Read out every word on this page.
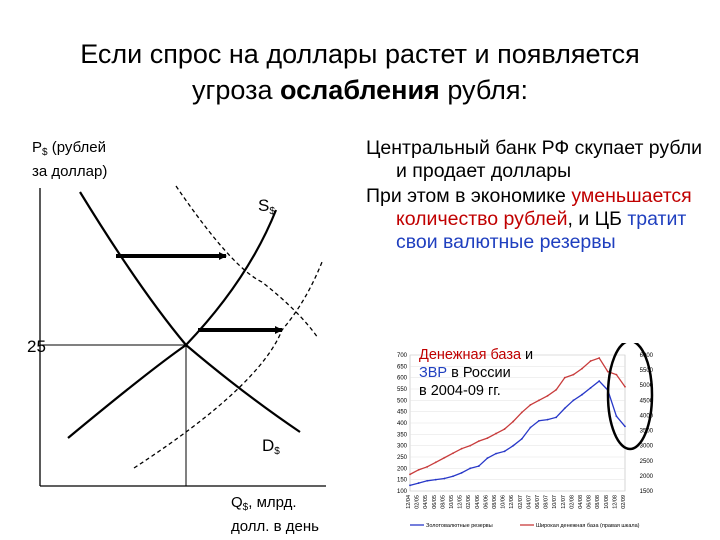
Если спрос на доллары растет и появляется
угроза ослабления рубля:
$P_{\$}$ (рублей
за доллар)
$Q_{\$}$, млрд.
долл. в день
25
$S_{\$}$
$D_{\$}$

Центральный банк РФ скупает рубли и продает доллары

При этом в экономике уменьшается количество рублей, и ЦБ тратит свои валютные резервы

700
650
600
550
500
450
400
350
300
250
200
150
100
6000
5500
5000
4500
4000
3500
3000
2500
2000
1500
12/04 02/05 04/05 06/05 08/05 10/05 12/05 02/06 04/06 06/06 08/06 10/06 12/06 02/07 04/07 06/07 08/07 10/07 12/07 02/08 04/08 06/08 08/08 10/08 12/08 02/09
Золотовалютные резервы	Широкая денежная база (правая шкала)
Денежная база и
ЗВР в России
в 2004-09 гг.
